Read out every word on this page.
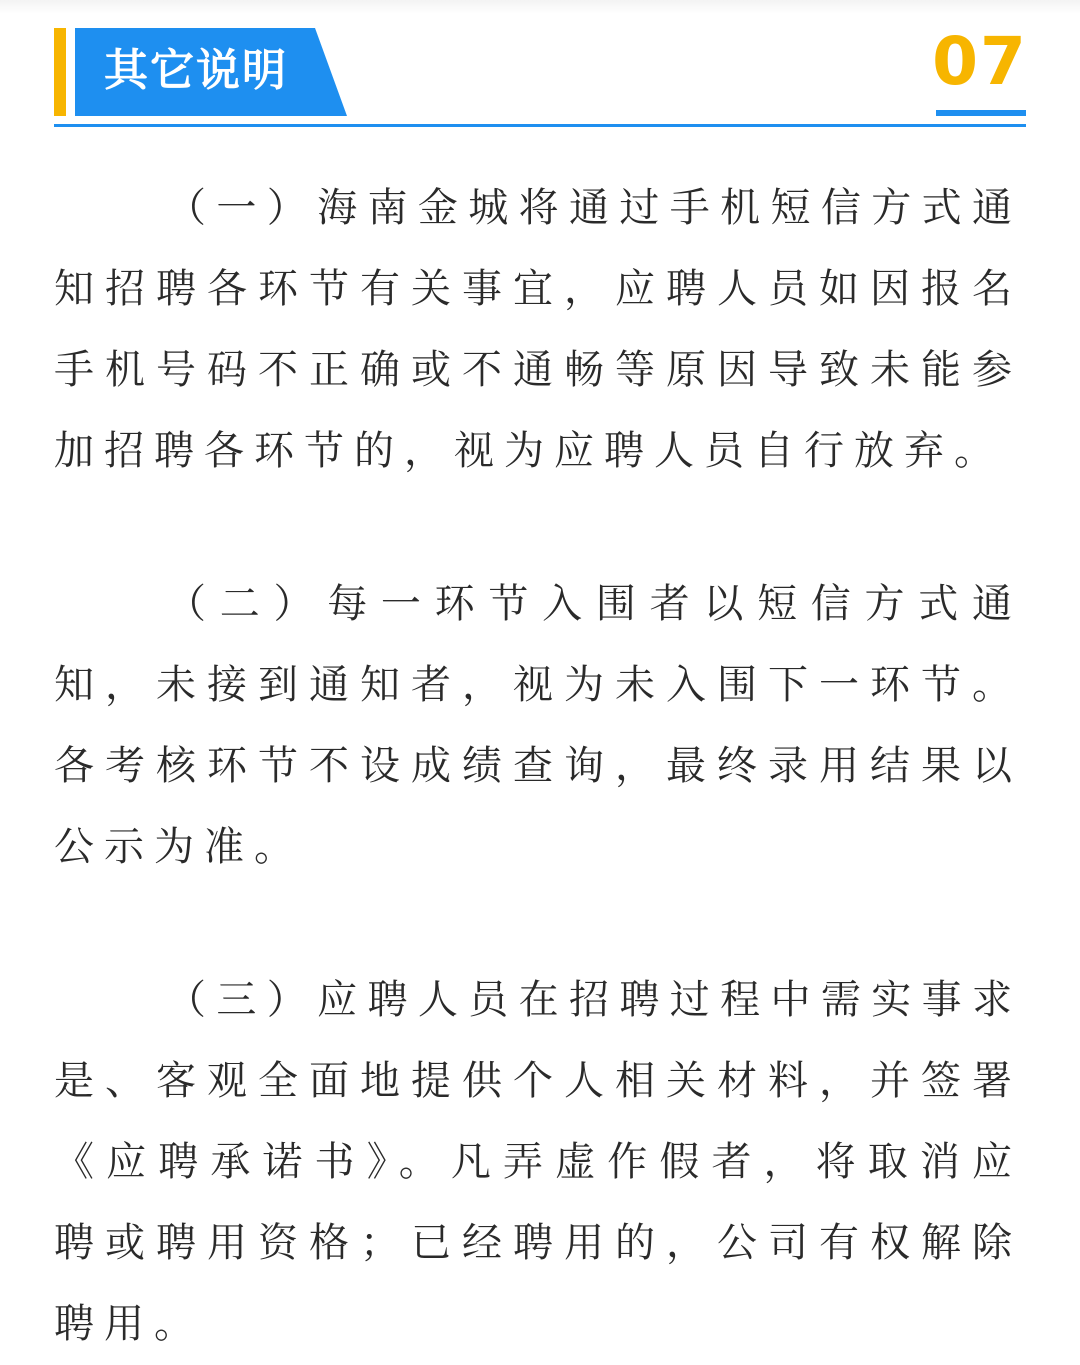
其它说明	07

（一）海南金城将通过手机短信方式通知招聘各环节有关事宜，应聘人员如因报名手机号码不正确或不通畅等原因导致未能参加招聘各环节的，视为应聘人员自行放弃。

（二）每一环节入围者以短信方式通知，未接到通知者，视为未入围下一环节。各考核环节不设成绩查询，最终录用结果以公示为准。

（三）应聘人员在招聘过程中需实事求是、客观全面地提供个人相关材料，并签署《应聘承诺书》。凡弄虚作假者，将取消应聘或聘用资格；已经聘用的，公司有权解除聘用。
